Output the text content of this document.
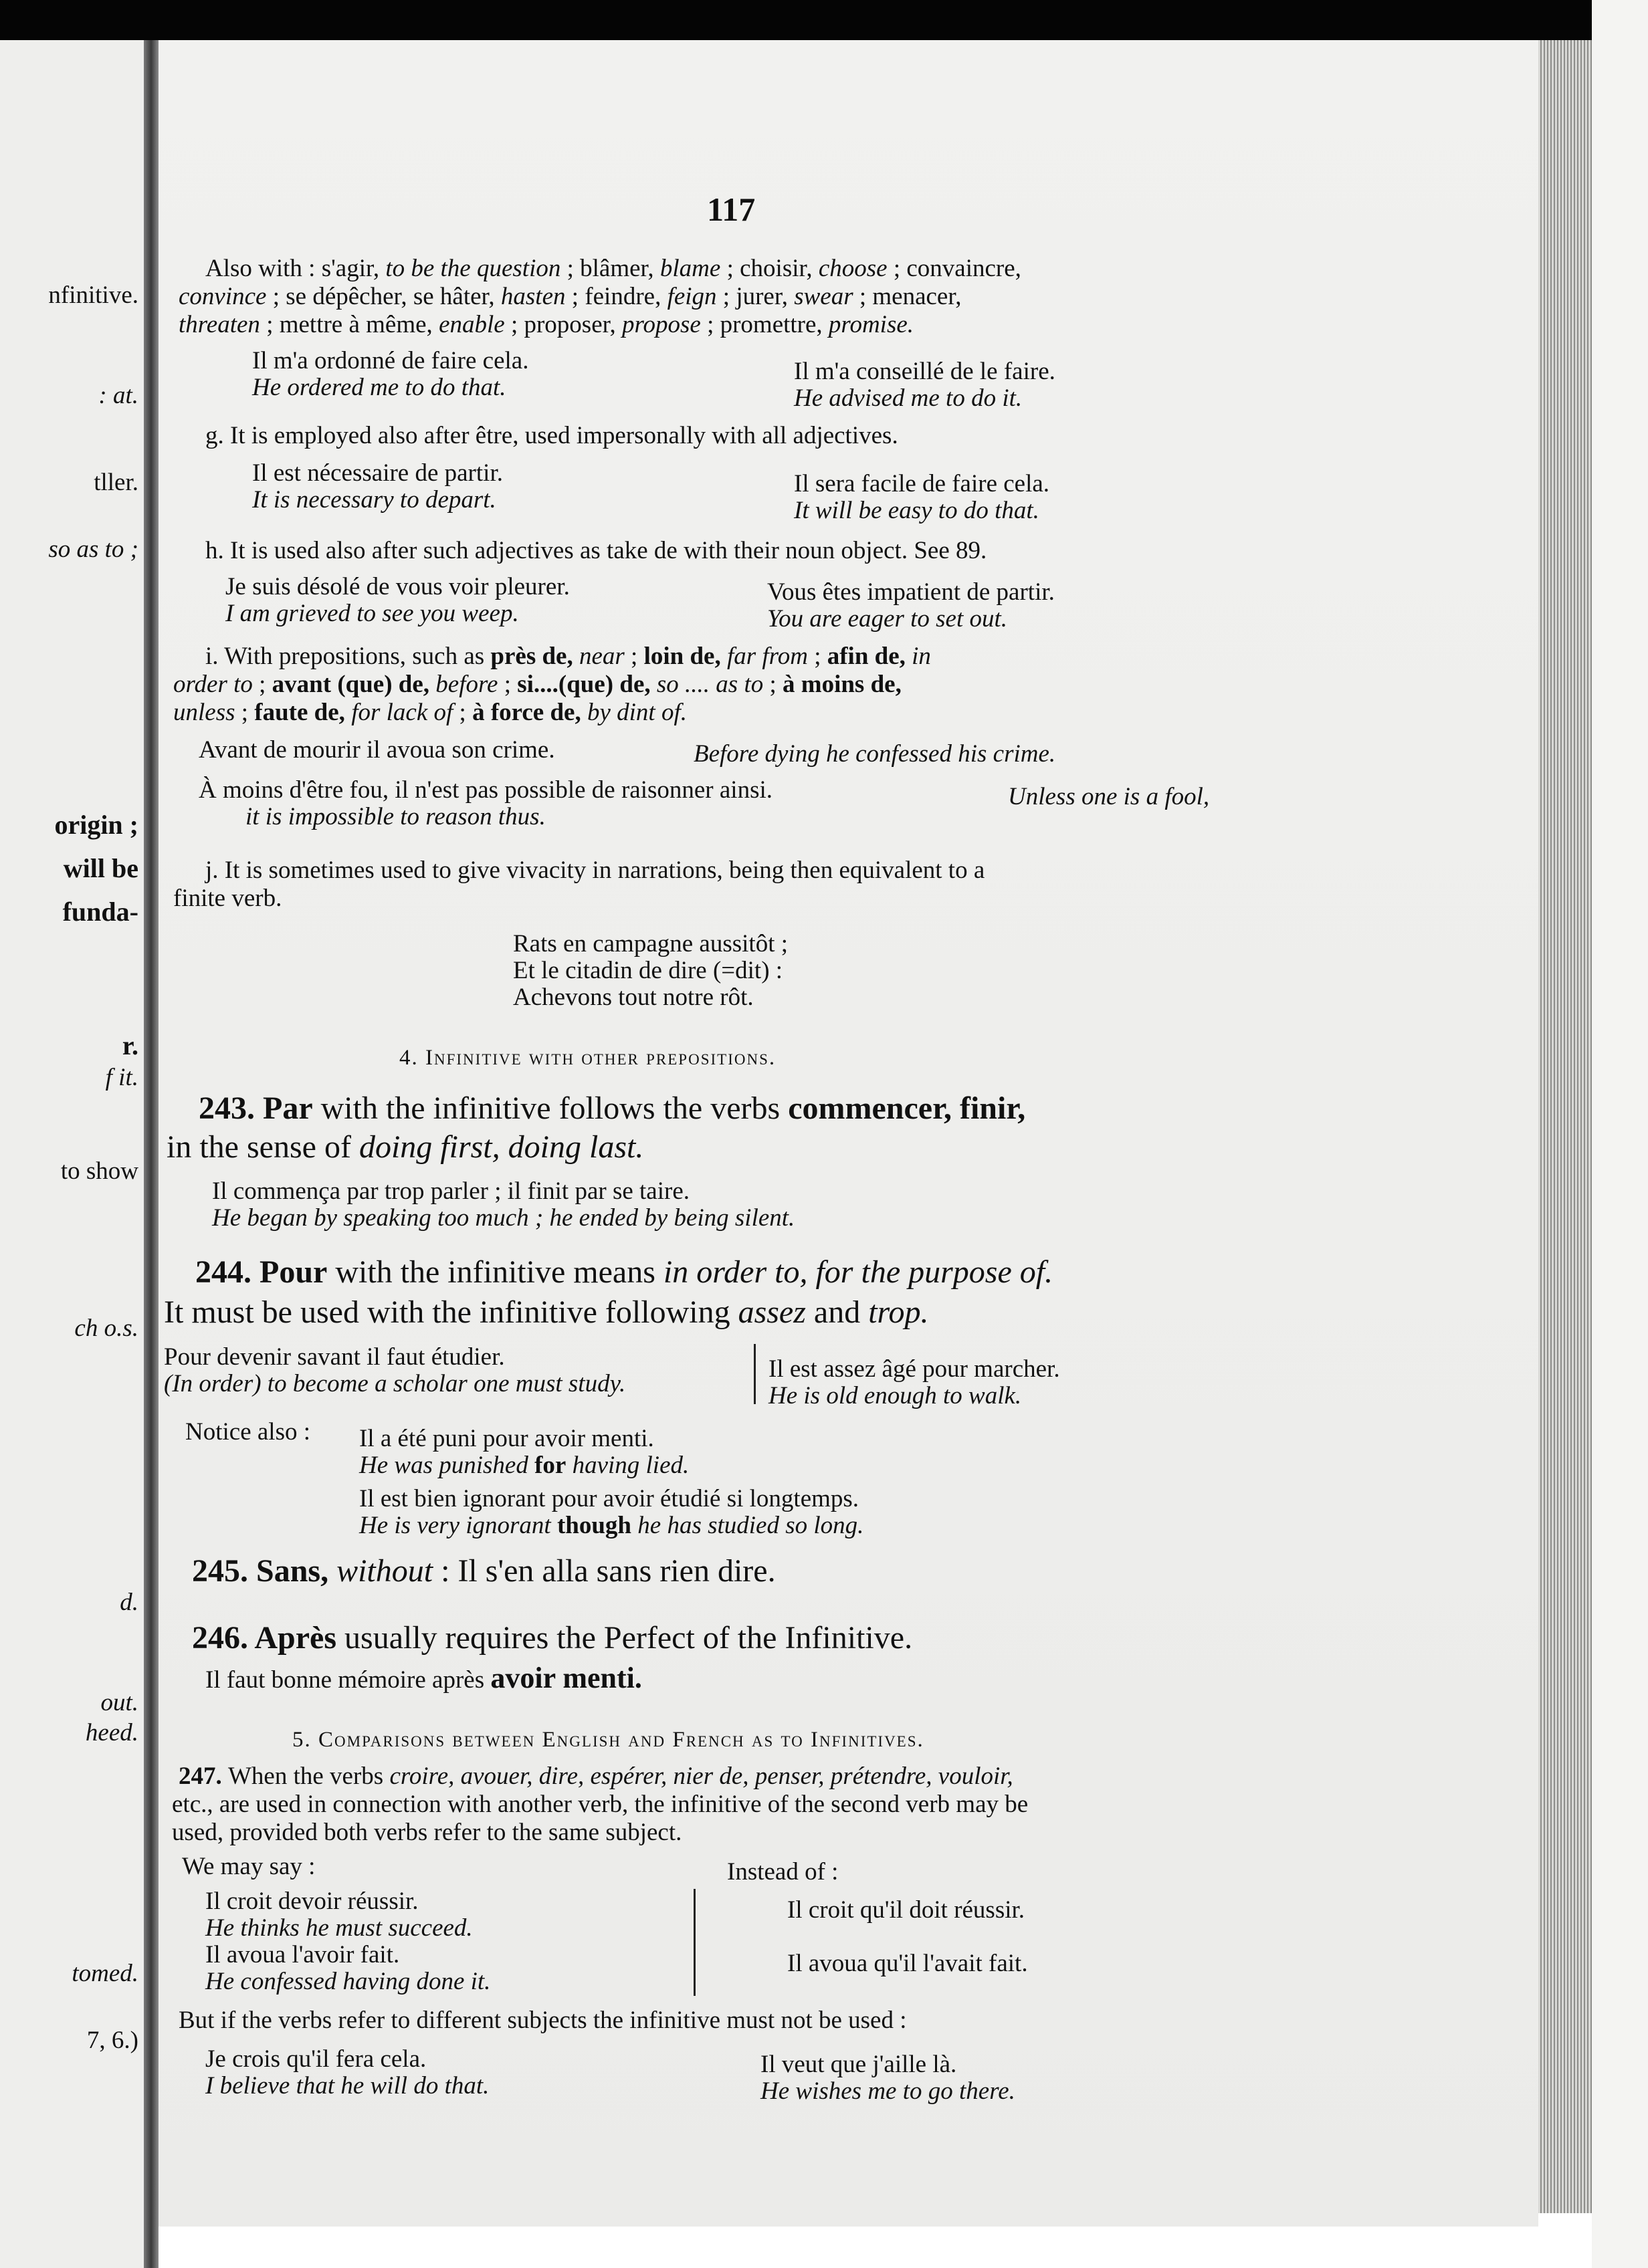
nfinitive.
: at.
tller.
so as to ;
origin ;
will be
funda-
r.
f it.
to show
ch o.s.
d.
out.
heed.
tomed.
7, 6.)
117
Also with : s'agir, to be the question ; blâmer, blame ; choisir, choose ; convaincre,
convince ; se dépêcher, se hâter, hasten ; feindre, feign ; jurer, swear ; menacer,
threaten ; mettre à même, enable ; proposer, propose ; promettre, promise.
Il m'a ordonné de faire cela.
He ordered me to do that.
Il m'a conseillé de le faire.
He advised me to do it.
g. It is employed also after être, used impersonally with all adjectives.
Il est nécessaire de partir.
It is necessary to depart.
Il sera facile de faire cela.
It will be easy to do that.
h. It is used also after such adjectives as take de with their noun object. See 89.
Je suis désolé de vous voir pleurer.
I am grieved to see you weep.
Vous êtes impatient de partir.
You are eager to set out.
i. With prepositions, such as près de, near ; loin de, far from ; afin de, in
order to ; avant (que) de, before ; si....(que) de, so .... as to ; à moins de,
unless ; faute de, for lack of ; à force de, by dint of.
Avant de mourir il avoua son crime.	Before dying he confessed his crime.
À moins d'être fou, il n'est pas possible de raisonner ainsi.	Unless one is a fool,
it is impossible to reason thus.
j. It is sometimes used to give vivacity in narrations, being then equivalent to a
finite verb.
Rats en campagne aussitôt ;
Et le citadin de dire (=dit) :
Achevons tout notre rôt.
4. Infinitive with other prepositions.
243. Par with the infinitive follows the verbs commencer, finir,
in the sense of doing first, doing last.
Il commença par trop parler ; il finit par se taire.
He began by speaking too much ; he ended by being silent.
244. Pour with the infinitive means in order to, for the purpose of.
It must be used with the infinitive following assez and trop.
Pour devenir savant il faut étudier.
(In order) to become a scholar one must study.
Il est assez âgé pour marcher.
He is old enough to walk.
Notice also : Il a été puni pour avoir menti.
He was punished for having lied.
Il est bien ignorant pour avoir étudié si longtemps.
He is very ignorant though he has studied so long.
245. Sans, without : Il s'en alla sans rien dire.
246. Après usually requires the Perfect of the Infinitive.
Il faut bonne mémoire après avoir menti.
5. Comparisons between English and French as to Infinitives.
247. When the verbs croire, avouer, dire, espérer, nier de, penser, prétendre, vouloir,
etc., are used in connection with another verb, the infinitive of the second verb may be
used, provided both verbs refer to the same subject.
We may say :	Instead of :
Il croit devoir réussir.
He thinks he must succeed.
Il avoua l'avoir fait.
He confessed having done it.
Il croit qu'il doit réussir.
Il avoua qu'il l'avait fait.
But if the verbs refer to different subjects the infinitive must not be used :
Je crois qu'il fera cela.
I believe that he will do that.
Il veut que j'aille là.
He wishes me to go there.
